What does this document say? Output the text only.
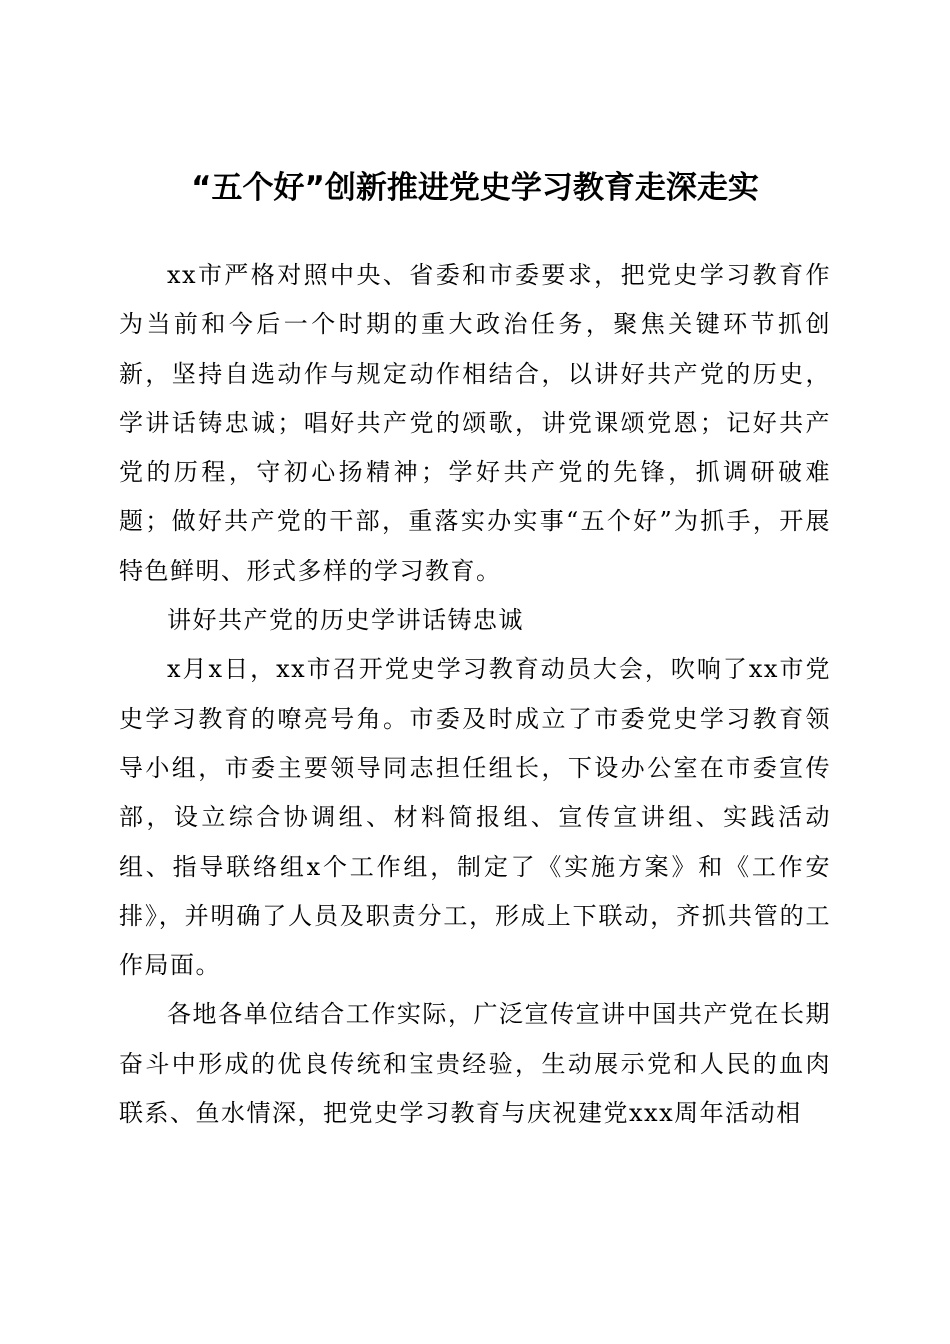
“五个好”创新推进党史学习教育走深走实

xx市严格对照中央、省委和市委要求，把党史学习教育作为当前和今后一个时期的重大政治任务，聚焦关键环节抓创新，坚持自选动作与规定动作相结合，以讲好共产党的历史，学讲话铸忠诚；唱好共产党的颂歌，讲党课颂党恩；记好共产党的历程，守初心扬精神；学好共产党的先锋，抓调研破难题；做好共产党的干部，重落实办实事“五个好”为抓手，开展特色鲜明、形式多样的学习教育。

讲好共产党的历史学讲话铸忠诚

x月x日，xx市召开党史学习教育动员大会，吹响了xx市党史学习教育的嘹亮号角。市委及时成立了市委党史学习教育领导小组，市委主要领导同志担任组长，下设办公室在市委宣传部，设立综合协调组、材料简报组、宣传宣讲组、实践活动组、指导联络组x个工作组，制定了《实施方案》和《工作安排》，并明确了人员及职责分工，形成上下联动，齐抓共管的工作局面。

各地各单位结合工作实际，广泛宣传宣讲中国共产党在长期奋斗中形成的优良传统和宝贵经验，生动展示党和人民的血肉联系、鱼水情深，把党史学习教育与庆祝建党xxx周年活动相
